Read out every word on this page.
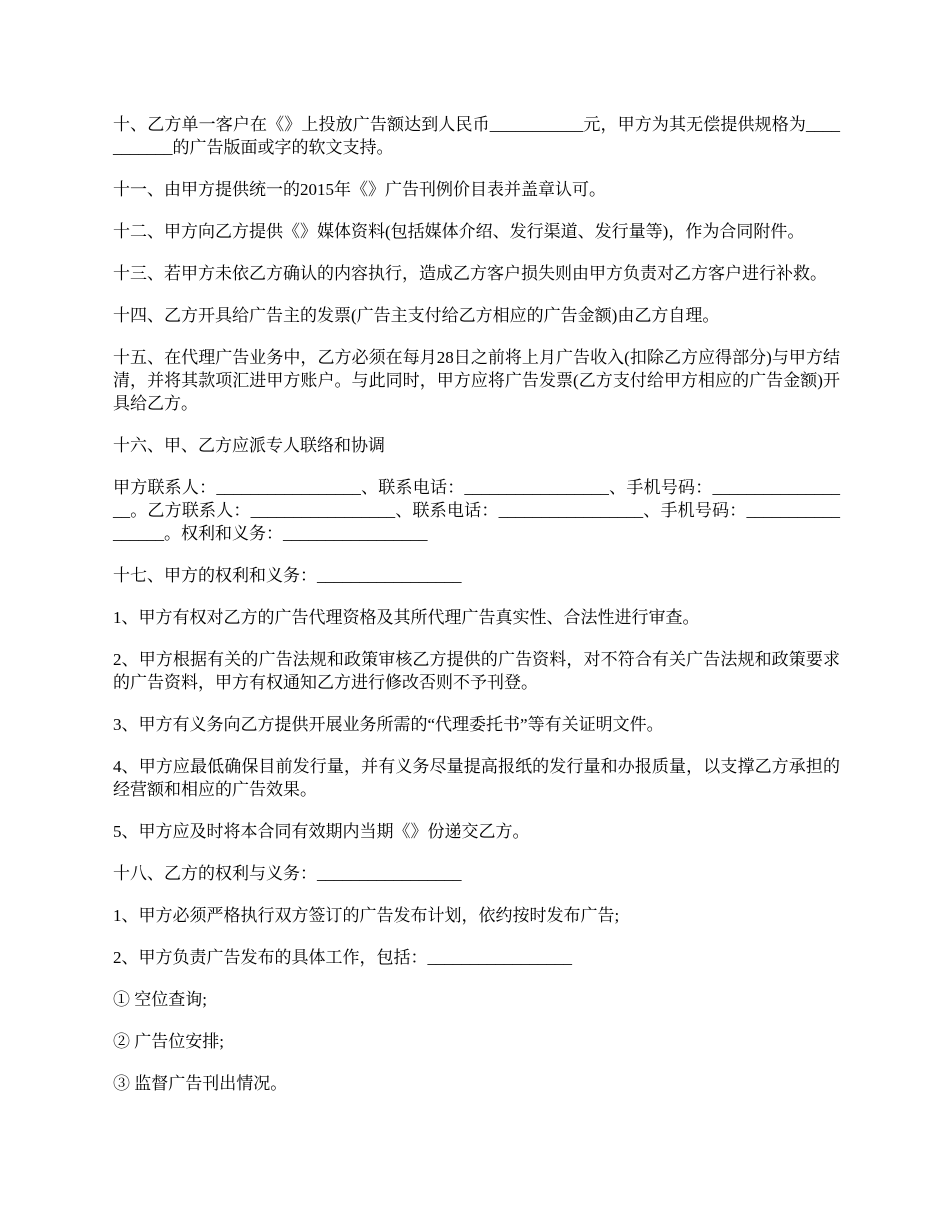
十、乙方单一客户在《》上投放广告额达到人民币___________元，甲方为其无偿提供规格为___________的广告版面或字的软文支持。

十一、由甲方提供统一的2015年《》广告刊例价目表并盖章认可。

十二、甲方向乙方提供《》媒体资料(包括媒体介绍、发行渠道、发行量等)，作为合同附件。

十三、若甲方未依乙方确认的内容执行，造成乙方客户损失则由甲方负责对乙方客户进行补救。

十四、乙方开具给广告主的发票(广告主支付给乙方相应的广告金额)由乙方自理。

十五、在代理广告业务中，乙方必须在每月28日之前将上月广告收入(扣除乙方应得部分)与甲方结清，并将其款项汇进甲方账户。与此同时，甲方应将广告发票(乙方支付给甲方相应的广告金额)开具给乙方。

十六、甲、乙方应派专人联络和协调

甲方联系人：_________________、联系电话：_________________、手机号码：_________________。乙方联系人：_________________、联系电话：_________________、手机号码：_________________。权利和义务：_________________

十七、甲方的权利和义务：_________________

1、甲方有权对乙方的广告代理资格及其所代理广告真实性、合法性进行审查。

2、甲方根据有关的广告法规和政策审核乙方提供的广告资料，对不符合有关广告法规和政策要求的广告资料，甲方有权通知乙方进行修改否则不予刊登。

3、甲方有义务向乙方提供开展业务所需的“代理委托书”等有关证明文件。

4、甲方应最低确保目前发行量，并有义务尽量提高报纸的发行量和办报质量，以支撑乙方承担的经营额和相应的广告效果。

5、甲方应及时将本合同有效期内当期《》份递交乙方。

十八、乙方的权利与义务：_________________

1、甲方必须严格执行双方签订的广告发布计划，依约按时发布广告;

2、甲方负责广告发布的具体工作，包括：_________________

① 空位查询;

② 广告位安排;

③ 监督广告刊出情况。
